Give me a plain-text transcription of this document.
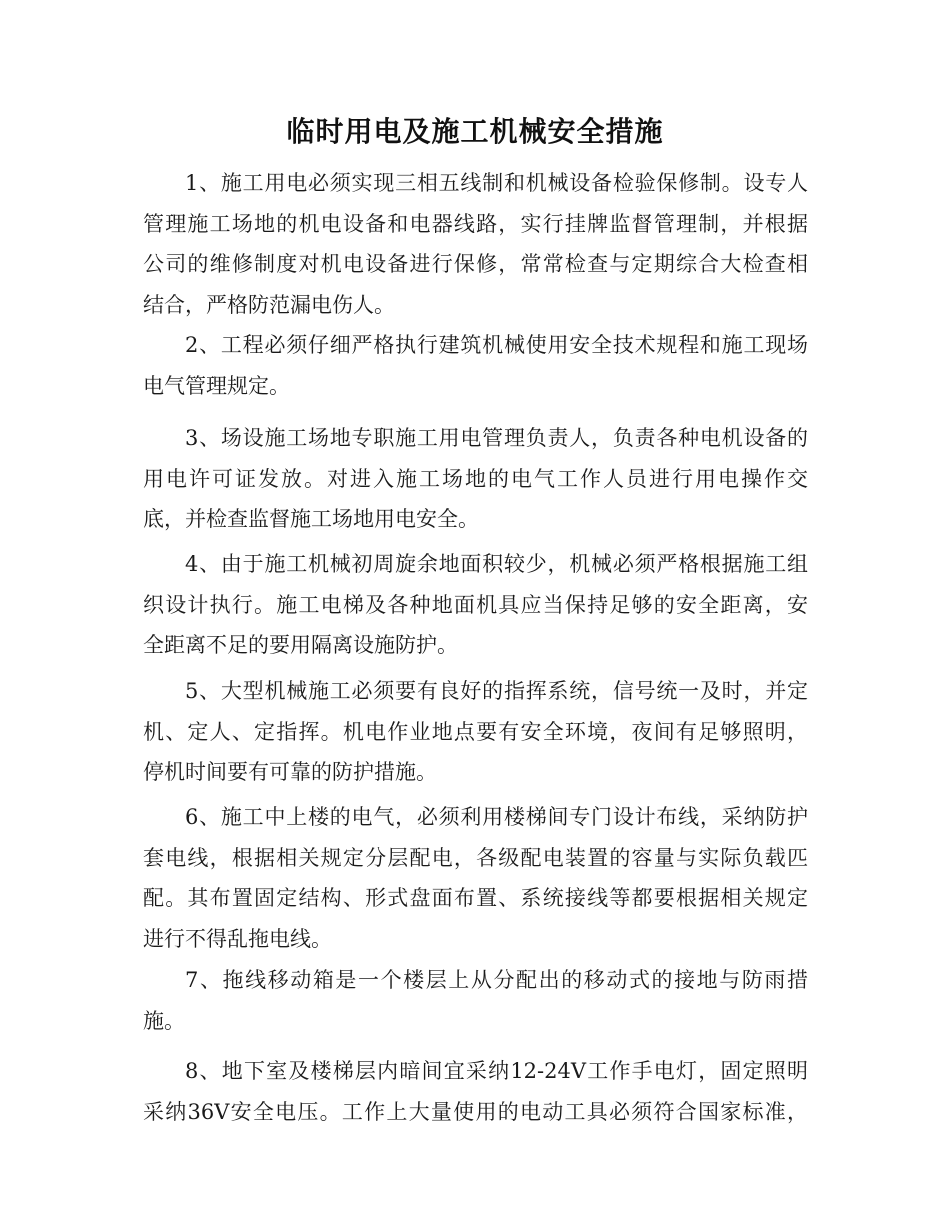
临时用电及施工机械安全措施
1、施工用电必须实现三相五线制和机械设备检验保修制。设专人
管理施工场地的机电设备和电器线路，实行挂牌监督管理制，并根据
公司的维修制度对机电设备进行保修，常常检查与定期综合大检查相
结合，严格防范漏电伤人。
2、工程必须仔细严格执行建筑机械使用安全技术规程和施工现场
电气管理规定。
3、场设施工场地专职施工用电管理负责人，负责各种电机设备的
用电许可证发放。对进入施工场地的电气工作人员进行用电操作交
底，并检查监督施工场地用电安全。
4、由于施工机械初周旋余地面积较少，机械必须严格根据施工组
织设计执行。施工电梯及各种地面机具应当保持足够的安全距离，安
全距离不足的要用隔离设施防护。
5、大型机械施工必须要有良好的指挥系统，信号统一及时，并定
机、定人、定指挥。机电作业地点要有安全环境，夜间有足够照明，
停机时间要有可靠的防护措施。
6、施工中上楼的电气，必须利用楼梯间专门设计布线，采纳防护
套电线，根据相关规定分层配电，各级配电装置的容量与实际负载匹
配。其布置固定结构、形式盘面布置、系统接线等都要根据相关规定
进行不得乱拖电线。
7、拖线移动箱是一个楼层上从分配出的移动式的接地与防雨措
施。
8、地下室及楼梯层内暗间宜采纳12-24V工作手电灯，固定照明
采纳36V安全电压。工作上大量使用的电动工具必须符合国家标准，
